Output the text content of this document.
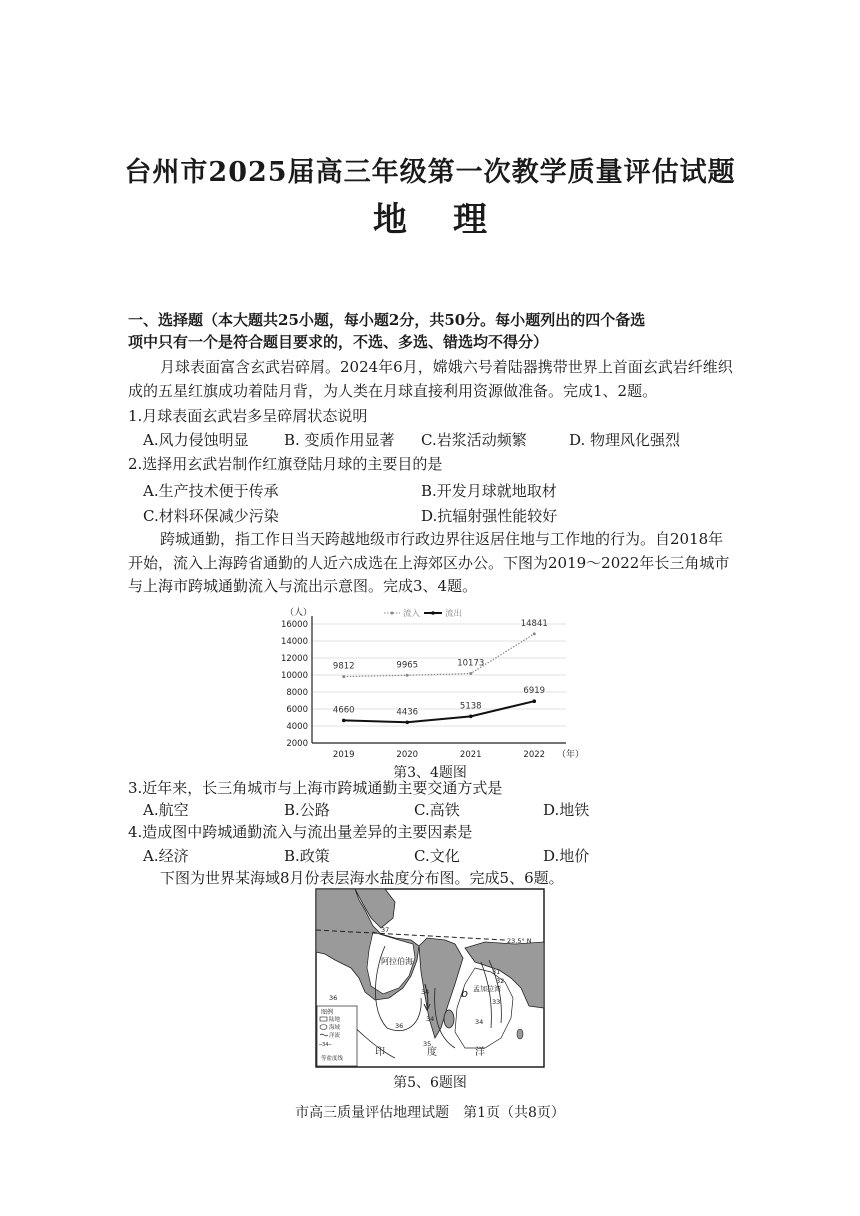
台州市2025届高三年级第一次教学质量评估试题
地理
一、选择题（本大题共25小题，每小题2分，共50分。每小题列出的四个备选
项中只有一个是符合题目要求的，不选、多选、错选均不得分）
月球表面富含玄武岩碎屑。2024年6月，嫦娥六号着陆器携带世界上首面玄武岩纤维织
成的五星红旗成功着陆月背，为人类在月球直接利用资源做准备。完成1、2题。
1.月球表面玄武岩多呈碎屑状态说明
A.风力侵蚀明显 B. 变质作用显著 C.岩浆活动频繁	D. 物理风化强烈
2.选择用玄武岩制作红旗登陆月球的主要目的是
A.生产技术便于传承	B.开发月球就地取材
C.材料环保减少污染	D.抗辐射强性能较好
跨城通勤，指工作日当天跨越地级市行政边界往返居住地与工作地的行为。自2018年
开始，流入上海跨省通勤的人近六成选在上海郊区办公。下图为2019～2022年长三角城市
与上海市跨城通勤流入与流出示意图。完成3、4题。
2000
4000
6000
8000
10000
12000
14000
16000
2019	2020	2021	2022
9812	9965	10173
14841
4660	4436
5138
6919
（人）
（年）
流入	流出
第3、4题图
3.近年来，长三角城市与上海市跨城通勤主要交通方式是
A.航空	B.公路	C.高铁	D.地铁
4.造成图中跨城通勤流入与流出量差异的主要因素是
A.经济	B.政策	C.文化	D.地价
下图为世界某海域8月份表层海水盐度分布图。完成5、6题。
23.5° N
阿拉伯海
孟加拉湾
印	度	洋
b
37
36
36
34	34
35
34
31
32
33
图例
陆地
海域
洋流
─34─
等盐度线
第5、6题图
市高三质量评估地理试题　第1页（共8页）
